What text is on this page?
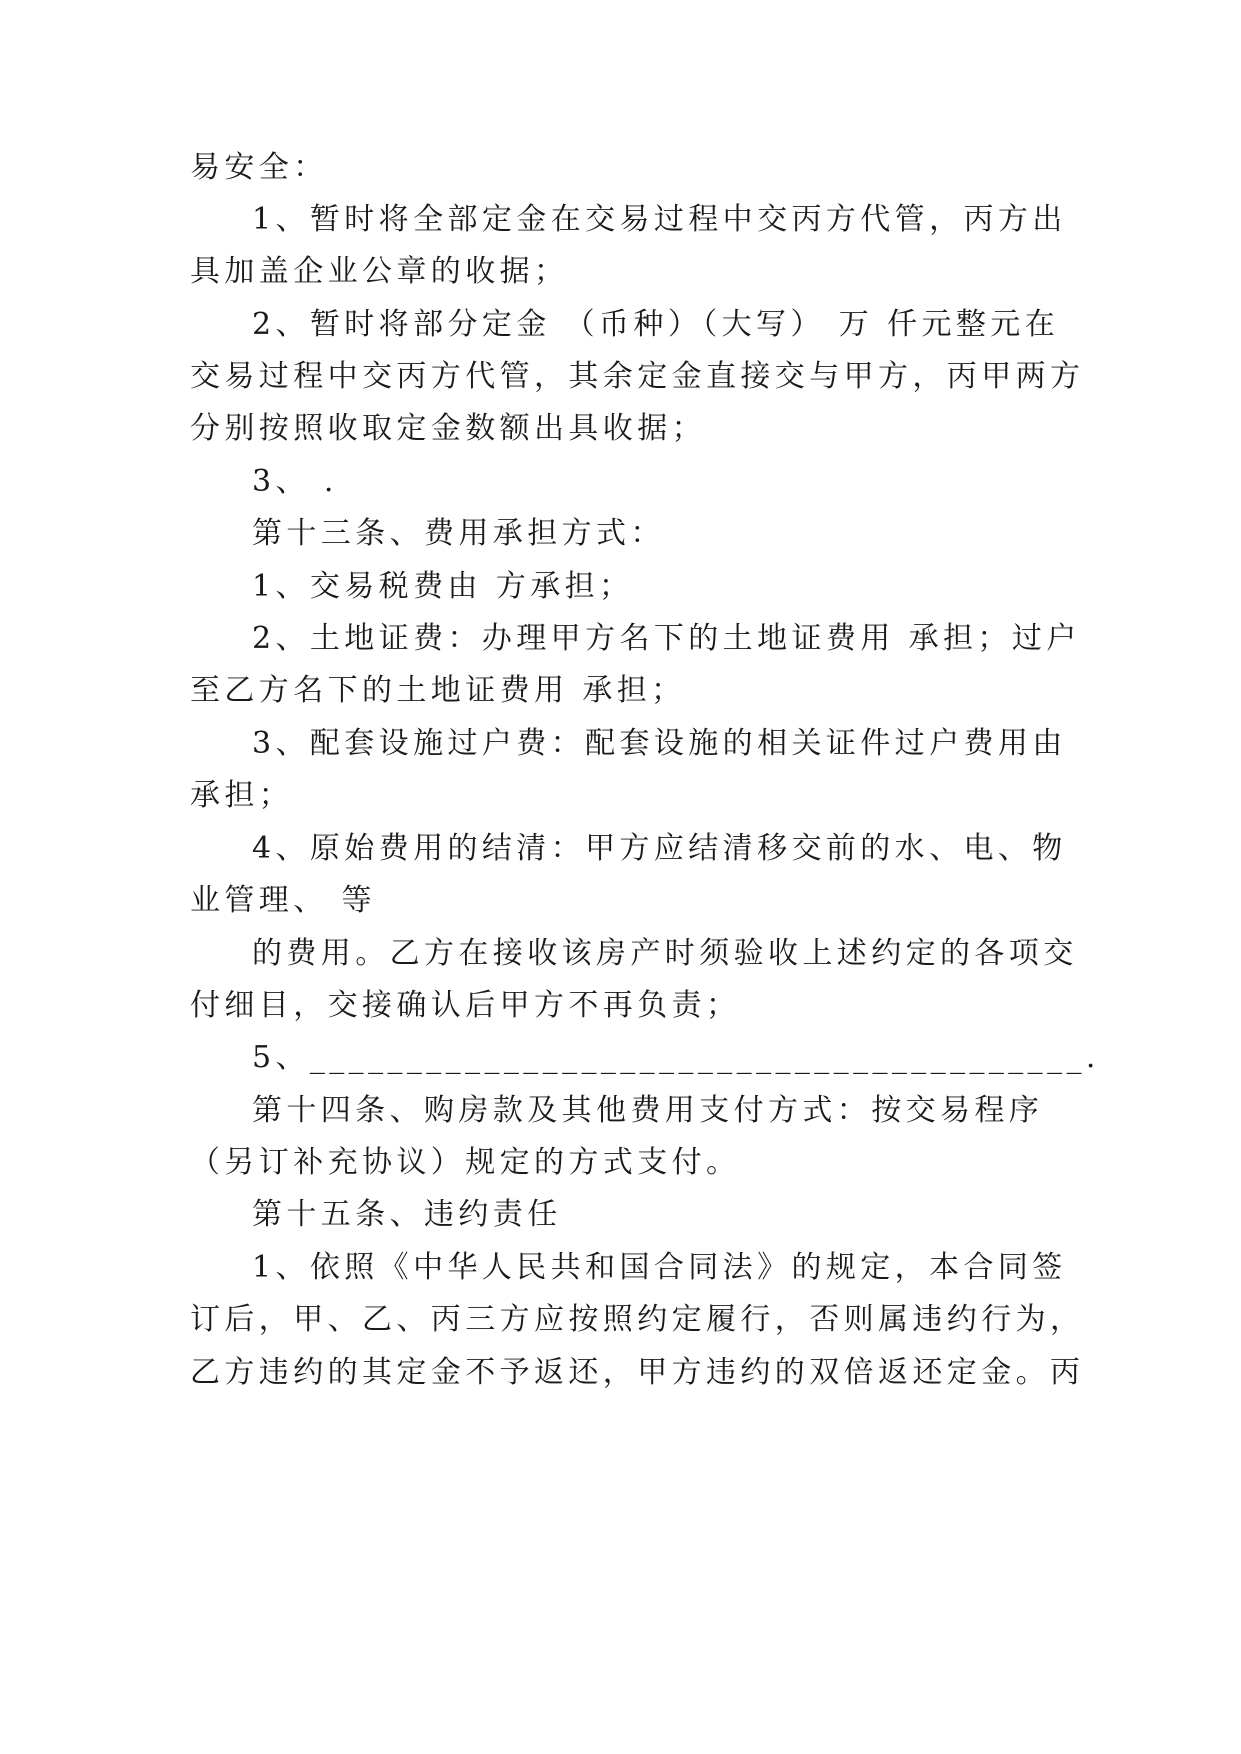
易安全：

1、暂时将全部定金在交易过程中交丙方代管，丙方出

具加盖企业公章的收据；

2、暂时将部分定金 （币种）（大写） 万 仟元整元在

交易过程中交丙方代管，其余定金直接交与甲方，丙甲两方

分别按照收取定金数额出具收据；

3、 .

第十三条、费用承担方式：

1、交易税费由 方承担；

2、土地证费：办理甲方名下的土地证费用 承担；过户

至乙方名下的土地证费用 承担；

3、配套设施过户费：配套设施的相关证件过户费用由

承担；

4、原始费用的结清：甲方应结清移交前的水、电、物

业管理、 等

的费用。乙方在接收该房产时须验收上述约定的各项交

付细目，交接确认后甲方不再负责；

5、________________________________________.

第十四条、购房款及其他费用支付方式：按交易程序

（另订补充协议）规定的方式支付。

第十五条、违约责任

1、依照《中华人民共和国合同法》的规定，本合同签

订后，甲、乙、丙三方应按照约定履行，否则属违约行为，

乙方违约的其定金不予返还，甲方违约的双倍返还定金。丙
